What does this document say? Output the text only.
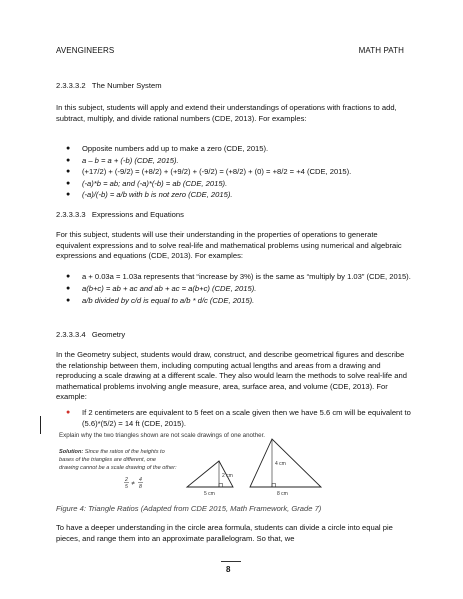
AVENGINEERS	MATH PATH
2.3.3.3.2   The Number System
In this subject, students will apply and extend their understandings of operations with fractions to add, subtract, multiply, and divide rational numbers (CDE, 2013). For examples:
● Opposite numbers add up to make a zero (CDE, 2015).
● a – b = a + (-b) (CDE, 2015).
● (+17/2) + (-9/2) = (+8/2) + (+9/2) + (-9/2) = (+8/2) + (0) = +8/2 = +4 (CDE, 2015).
● (-a)*b = ab; and (-a)*(-b) = ab (CDE, 2015).
● (-a)/(-b) = a/b with b is not zero (CDE, 2015).
2.3.3.3.3   Expressions and Equations
For this subject, students will use their understanding in the properties of operations to generate equivalent expressions and to solve real-life and mathematical problems using numerical and algebraic expressions and equations (CDE, 2013). For examples:
● a + 0.03a = 1.03a represents that “increase by 3%) is the same as “multiply by 1.03” (CDE, 2015).
● a(b+c) = ab + ac and ab + ac = a(b+c) (CDE, 2015).
● a/b divided by c/d is equal to a/b * d/c (CDE, 2015).
2.3.3.3.4   Geometry
In the Geometry subject, students would draw, construct, and describe geometrical figures and describe the relationship between them, including computing actual lengths and areas from a drawing and reproducing a scale drawing at a different scale. They also would learn the methods to solve real-life and mathematical problems involving angle measure, area, surface area, and volume (CDE, 2013). For example:
● If 2 centimeters are equivalent to 5 feet on a scale given then we have 5.6 cm will be equivalent to (5.6)*(5/2) = 14 ft (CDE, 2015).
Explain why the two triangles shown are not scale drawings of one another.
Solution: Since the ratios of the heights to bases of the triangles are different, one drawing cannot be a scale drawing of the other:
2
5 ≠
4
8
2 cm
5 cm
4 cm
8 cm
Figure 4: Triangle Ratios (Adapted from CDE 2015, Math Framework, Grade 7)
8
To have a deeper understanding in the circle area formula, students can divide a circle into equal pie pieces, and range them into an approximate parallelogram. So that, we
